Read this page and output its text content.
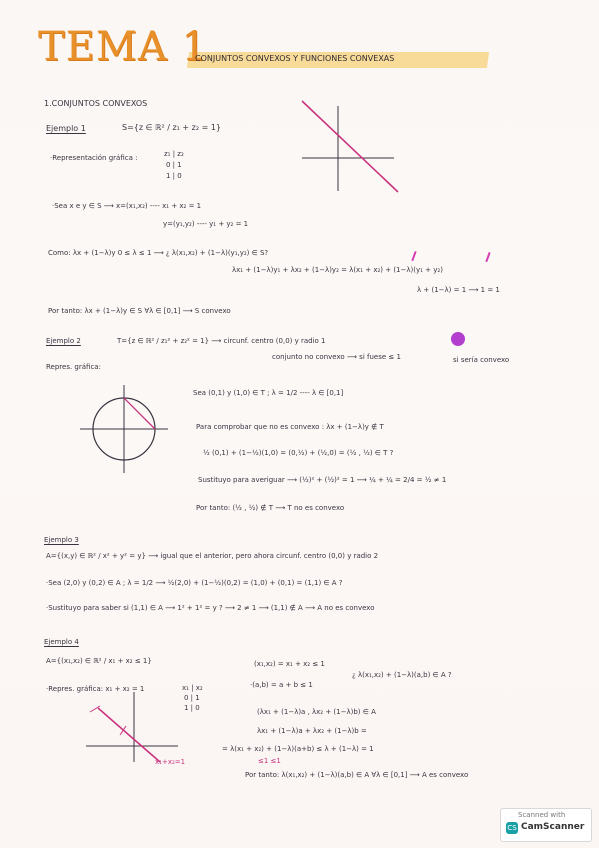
TEMA 1
CONJUNTOS CONVEXOS Y FUNCIONES CONVEXAS
1.CONJUNTOS CONVEXOS
Ejemplo 1	S={z ∈ ℝ² / z₁ + z₂ = 1}
·Representación gráfica :	z₁ | z₂
0 | 1
1 | 0
·Sea x e y ∈ S ⟶ x=(x₁,x₂) ---- x₁ + x₂ = 1
y=(y₁,y₂) ---- y₁ + y₂ = 1
Como: λx + (1−λ)y 0 ≤ λ ≤ 1 ⟶ ¿ λ(x₁,x₂) + (1−λ)(y₁,y₂) ∈ S?
λx₁ + (1−λ)y₁ + λx₂ + (1−λ)y₂ = λ(x₁ + x₂) + (1−λ)(y₁ + y₂)
λ + (1−λ) = 1 ⟶ 1 = 1
Por tanto: λx + (1−λ)y ∈ S ∀λ ∈ [0,1] ⟶ S convexo
Ejemplo 2	T={z ∈ ℝ² / z₁² + z₂² = 1} ⟶ circunf. centro (0,0) y radio 1
conjunto no convexo ⟶ si fuese ≤ 1	si sería convexo
Repres. gráfica:
Sea (0,1) y (1,0) ∈ T ; λ = 1/2 ---- λ ∈ [0,1]
Para comprobar que no es convexo : λx + (1−λ)y ∉ T
½ (0,1) + (1−½)(1,0) = (0,½) + (½,0) = (½ , ½) ∈ T ?
Sustituyo para averiguar ⟶ (½)² + (½)² = 1 ⟶ ¼ + ¼ = 2/4 = ½ ≠ 1
Por tanto: (½ , ½) ∉ T ⟶ T no es convexo
Ejemplo 3
A={(x,y) ∈ ℝ² / x² + y² = y} ⟶ igual que el anterior, pero ahora circunf. centro (0,0) y radio 2
·Sea (2,0) y (0,2) ∈ A ; λ = 1/2 ⟶ ½(2,0) + (1−½)(0,2) = (1,0) + (0,1) = (1,1) ∈ A ?
·Sustituyo para saber si (1,1) ∈ A ⟶ 1² + 1² = y ? ⟶ 2 ≠ 1 ⟶ (1,1) ∉ A ⟶ A no es convexo
Ejemplo 4
A={(x₁,x₂) ∈ ℝ² / x₁ + x₂ ≤ 1}
·Repres. gráfica: x₁ + x₂ = 1	x₁ | x₂
0 | 1
1 | 0
x₁+x₂=1
(x₁,x₂) = x₁ + x₂ ≤ 1
·(a,b) = a + b ≤ 1
¿ λ(x₁,x₂) + (1−λ)(a,b) ∈ A ?
(λx₁ + (1−λ)a , λx₂ + (1−λ)b) ∈ A
λx₁ + (1−λ)a + λx₂ + (1−λ)b =
= λ(x₁ + x₂) + (1−λ)(a+b) ≤ λ + (1−λ) = 1
≤1 ≤1
Por tanto: λ(x₁,x₂) + (1−λ)(a,b) ∈ A ∀λ ∈ [0,1] ⟶ A es convexo
Scanned with
CS CamScanner
